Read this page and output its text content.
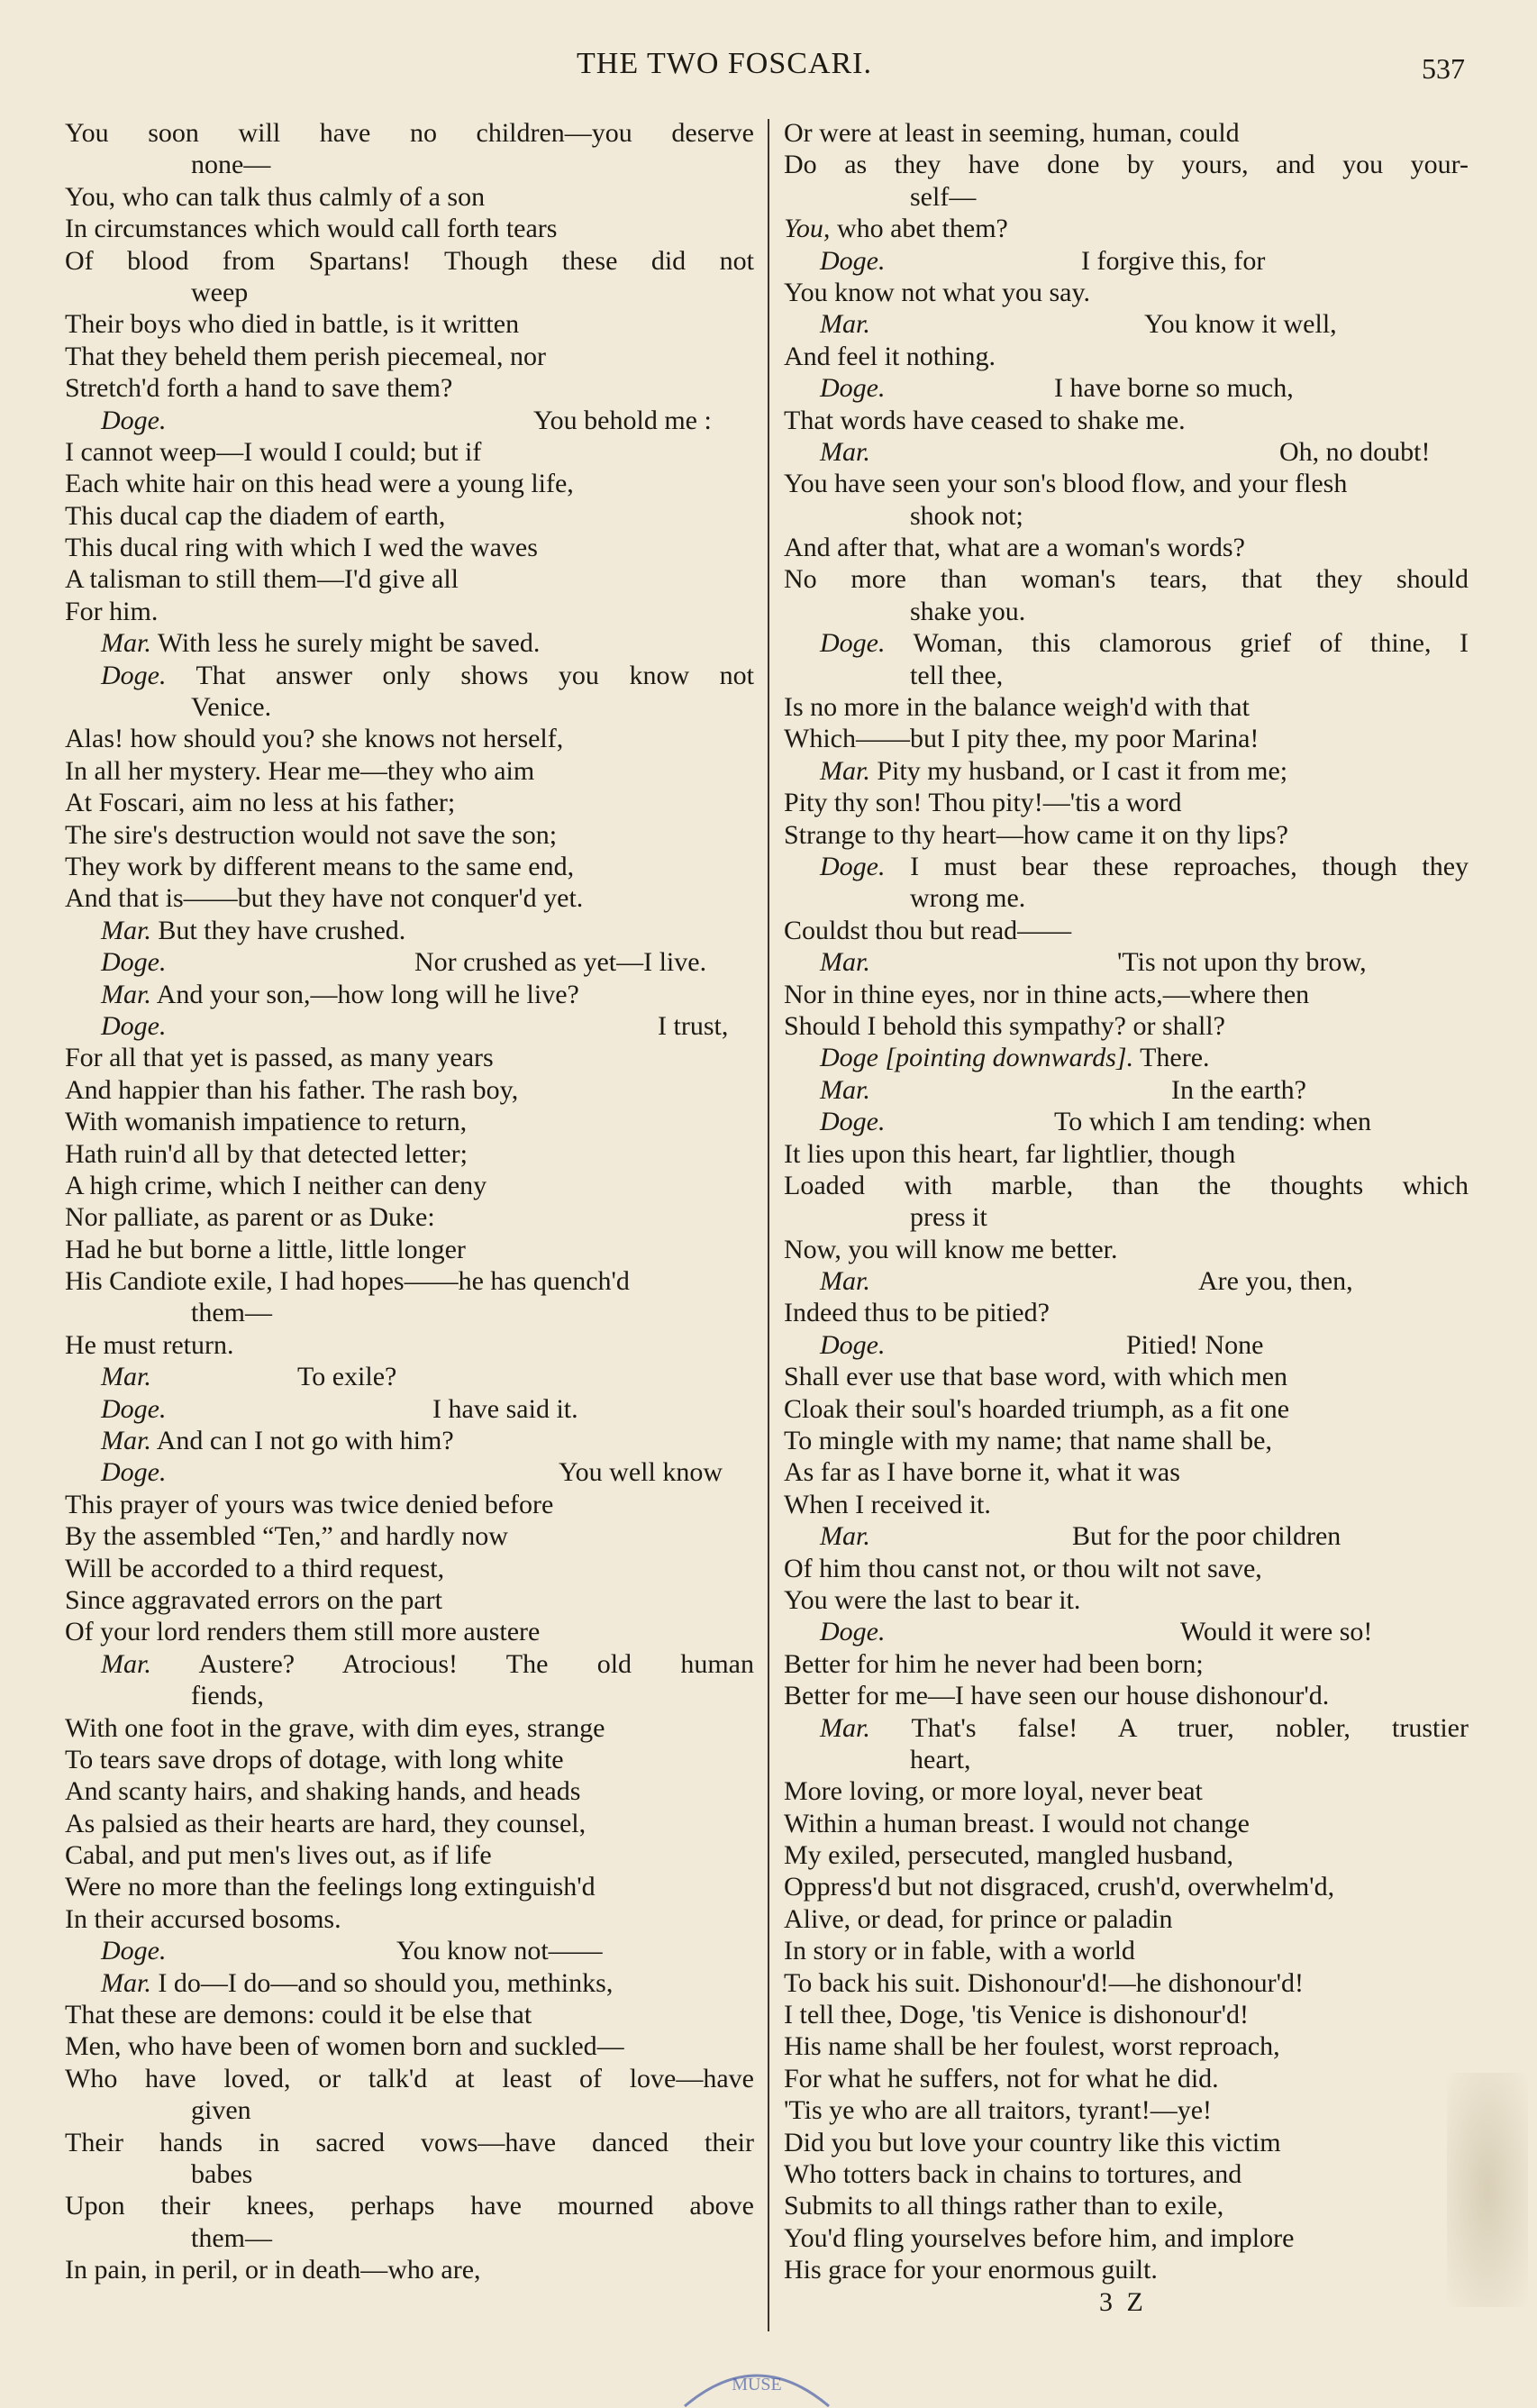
THE TWO FOSCARI.	537
You soon will have no children—you deserve
none—
You, who can talk thus calmly of a son
In circumstances which would call forth tears
Of blood from Spartans! Though these did not
weep
Their boys who died in battle, is it written
That they beheld them perish piecemeal, nor
Stretch'd forth a hand to save them?
Doge.	You behold me :
I cannot weep—I would I could; but if
Each white hair on this head were a young life,
This ducal cap the diadem of earth,
This ducal ring with which I wed the waves
A talisman to still them—I'd give all
For him.
Mar. With less he surely might be saved.
Doge. That answer only shows you know not
Venice.
Alas! how should you? she knows not herself,
In all her mystery. Hear me—they who aim
At Foscari, aim no less at his father;
The sire's destruction would not save the son;
They work by different means to the same end,
And that is——but they have not conquer'd yet.
Mar. But they have crushed.
Doge.	Nor crushed as yet—I live.
Mar. And your son,—how long will he live?
Doge.	I trust,
For all that yet is passed, as many years
And happier than his father. The rash boy,
With womanish impatience to return,
Hath ruin'd all by that detected letter;
A high crime, which I neither can deny
Nor palliate, as parent or as Duke:
Had he but borne a little, little longer
His Candiote exile, I had hopes——he has quench'd
them—
He must return.
Mar.	To exile?
Doge.	I have said it.
Mar. And can I not go with him?
Doge.	You well know
This prayer of yours was twice denied before
By the assembled “Ten,” and hardly now
Will be accorded to a third request,
Since aggravated errors on the part
Of your lord renders them still more austere
Mar. Austere? Atrocious! The old human
fiends,
With one foot in the grave, with dim eyes, strange
To tears save drops of dotage, with long white
And scanty hairs, and shaking hands, and heads
As palsied as their hearts are hard, they counsel,
Cabal, and put men's lives out, as if life
Were no more than the feelings long extinguish'd
In their accursed bosoms.
Doge.	You know not——
Mar. I do—I do—and so should you, methinks,
That these are demons: could it be else that
Men, who have been of women born and suckled—
Who have loved, or talk'd at least of love—have
given
Their hands in sacred vows—have danced their
babes
Upon their knees, perhaps have mourned above
them—
In pain, in peril, or in death—who are,
Or were at least in seeming, human, could
Do as they have done by yours, and you your-
self—
You, who abet them?
Doge.	I forgive this, for
You know not what you say.
Mar.	You know it well,
And feel it nothing.
Doge.	I have borne so much,
That words have ceased to shake me.
Mar.	Oh, no doubt!
You have seen your son's blood flow, and your flesh
shook not;
And after that, what are a woman's words?
No more than woman's tears, that they should
shake you.
Doge. Woman, this clamorous grief of thine, I
tell thee,
Is no more in the balance weigh'd with that
Which——but I pity thee, my poor Marina!
Mar. Pity my husband, or I cast it from me;
Pity thy son! Thou pity!—'tis a word
Strange to thy heart—how came it on thy lips?
Doge. I must bear these reproaches, though they
wrong me.
Couldst thou but read——
Mar.	'Tis not upon thy brow,
Nor in thine eyes, nor in thine acts,—where then
Should I behold this sympathy? or shall?
Doge [pointing downwards]. There.
Mar.	In the earth?
Doge.	To which I am tending: when
It lies upon this heart, far lightlier, though
Loaded with marble, than the thoughts which
press it
Now, you will know me better.
Mar.	Are you, then,
Indeed thus to be pitied?
Doge.	Pitied! None
Shall ever use that base word, with which men
Cloak their soul's hoarded triumph, as a fit one
To mingle with my name; that name shall be,
As far as I have borne it, what it was
When I received it.
Mar.	But for the poor children
Of him thou canst not, or thou wilt not save,
You were the last to bear it.
Doge.	Would it were so!
Better for him he never had been born;
Better for me—I have seen our house dishonour'd.
Mar. That's false! A truer, nobler, trustier
heart,
More loving, or more loyal, never beat
Within a human breast. I would not change
My exiled, persecuted, mangled husband,
Oppress'd but not disgraced, crush'd, overwhelm'd,
Alive, or dead, for prince or paladin
In story or in fable, with a world
To back his suit. Dishonour'd!—he dishonour'd!
I tell thee, Doge, 'tis Venice is dishonour'd!
His name shall be her foulest, worst reproach,
For what he suffers, not for what he did.
'Tis ye who are all traitors, tyrant!—ye!
Did you but love your country like this victim
Who totters back in chains to tortures, and
Submits to all things rather than to exile,
You'd fling yourselves before him, and implore
His grace for your enormous guilt.
3 Z
MUSE
